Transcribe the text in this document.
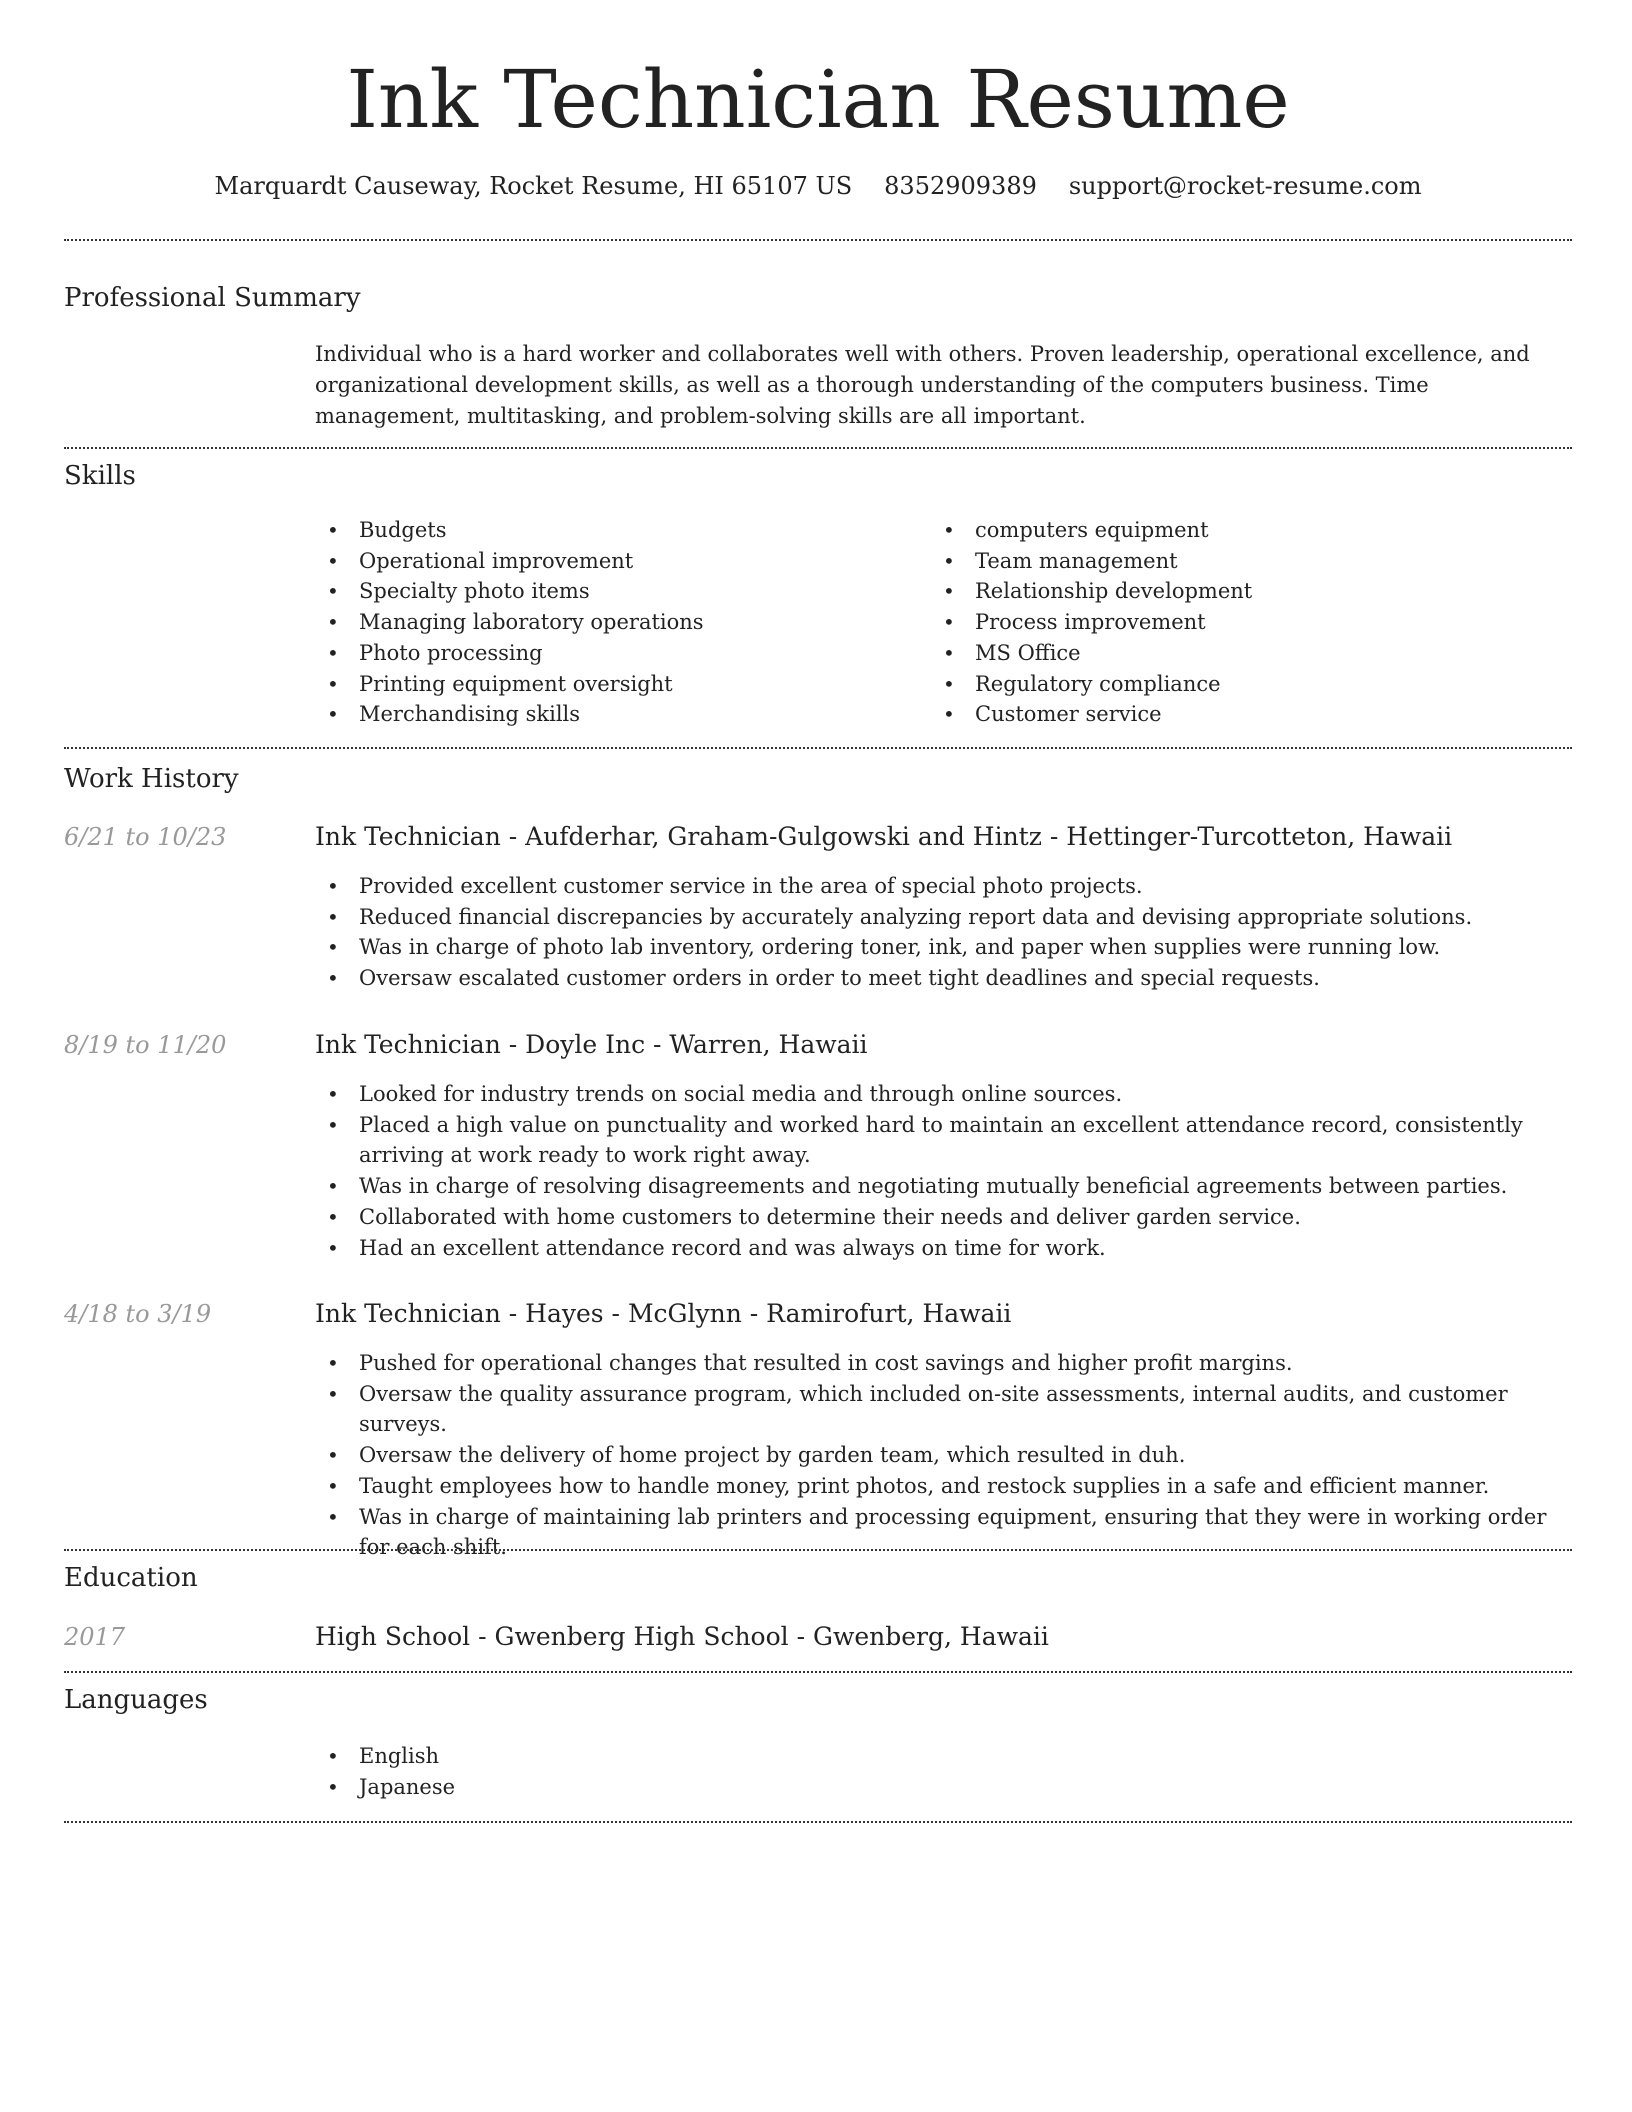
Ink Technician Resume
Marquardt Causeway, Rocket Resume, HI 65107 US 8352909389 support@rocket-resume.com
Professional Summary

Individual who is a hard worker and collaborates well with others. Proven leadership, operational excellence, and organizational development skills, as well as a thorough understanding of the computers business. Time management, multitasking, and problem-solving skills are all important.

Skills
• Budgets
• Operational improvement
• Specialty photo items
• Managing laboratory operations
• Photo processing
• Printing equipment oversight
• Merchandising skills
• computers equipment
• Team management
• Relationship development
• Process improvement
• MS Office
• Regulatory compliance
• Customer service
Work History
6/21 to 10/23	Ink Technician - Aufderhar, Graham-Gulgowski and Hintz - Hettinger-Turcotteton, Hawaii
• Provided excellent customer service in the area of special photo projects.
• Reduced financial discrepancies by accurately analyzing report data and devising appropriate solutions.
• Was in charge of photo lab inventory, ordering toner, ink, and paper when supplies were running low.
• Oversaw escalated customer orders in order to meet tight deadlines and special requests.
8/19 to 11/20	Ink Technician - Doyle Inc - Warren, Hawaii
• Looked for industry trends on social media and through online sources.
• Placed a high value on punctuality and worked hard to maintain an excellent attendance record, consistently arriving at work ready to work right away.
• Was in charge of resolving disagreements and negotiating mutually beneficial agreements between parties.
• Collaborated with home customers to determine their needs and deliver garden service.
• Had an excellent attendance record and was always on time for work.
4/18 to 3/19	Ink Technician - Hayes - McGlynn - Ramirofurt, Hawaii
• Pushed for operational changes that resulted in cost savings and higher profit margins.
• Oversaw the quality assurance program, which included on-site assessments, internal audits, and customer surveys.
• Oversaw the delivery of home project by garden team, which resulted in duh.
• Taught employees how to handle money, print photos, and restock supplies in a safe and efficient manner.
• Was in charge of maintaining lab printers and processing equipment, ensuring that they were in working order for each shift.
Education
2017	High School - Gwenberg High School - Gwenberg, Hawaii
Languages
• English
• Japanese
